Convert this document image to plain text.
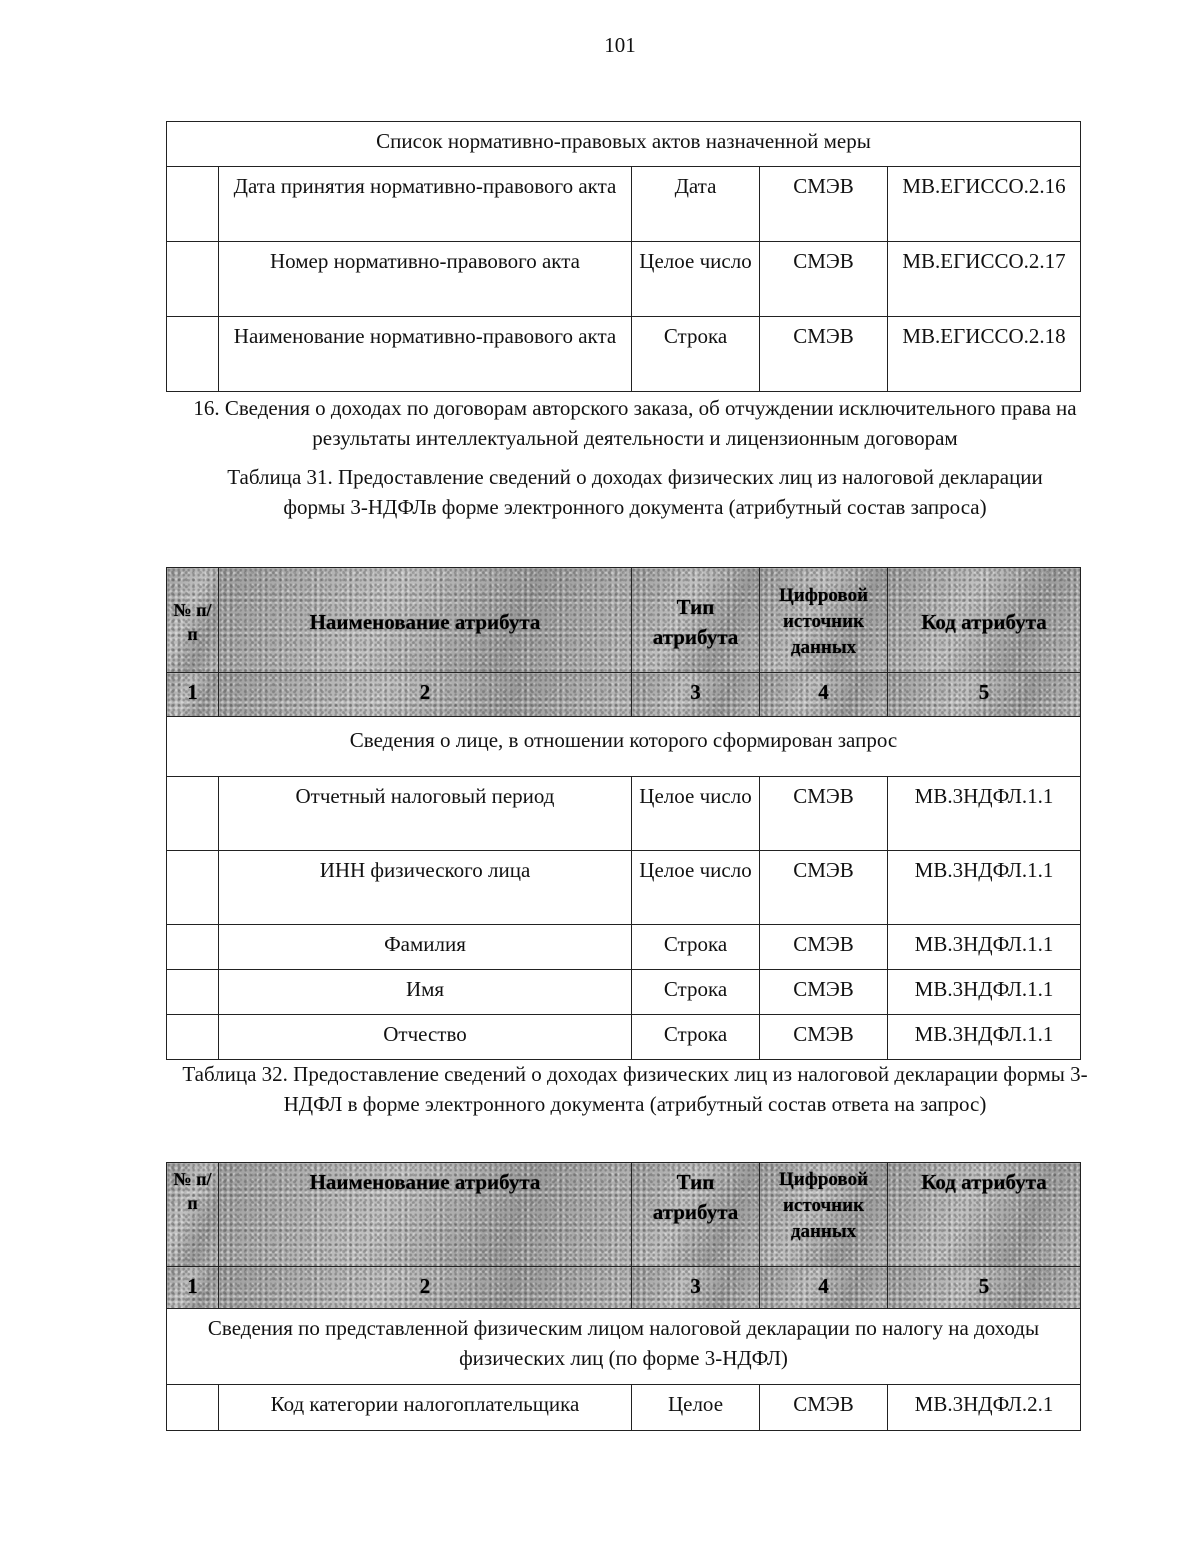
101
Список нормативно-правовых актов назначенной меры				
	Дата принятия нормативно-правового акта	Дата	СМЭВ	МВ.ЕГИССО.2.16
	Номер нормативно-правового акта	Целое число	СМЭВ	МВ.ЕГИССО.2.17
	Наименование нормативно-правового акта	Строка	СМЭВ	МВ.ЕГИССО.2.18
16. Сведения о доходах по договорам авторского заказа, об отчуждении исключительного права на результаты интеллектуальной деятельности и лицензионным договорам
Таблица 31. Предоставление сведений о доходах физических лиц из налоговой декларации формы 3-НДФЛв форме электронного документа (атрибутный состав запроса)
№ п/п	Наименование атрибута	Тип атрибута	Цифровой источник данных	Код атрибута
1	2	3	4	5
Сведения о лице, в отношении которого сформирован запрос				
	Отчетный налоговый период	Целое число	СМЭВ	МВ.3НДФЛ.1.1
	ИНН физического лица	Целое число	СМЭВ	МВ.3НДФЛ.1.1
	Фамилия	Строка	СМЭВ	МВ.3НДФЛ.1.1
	Имя	Строка	СМЭВ	МВ.3НДФЛ.1.1
	Отчество	Строка	СМЭВ	МВ.3НДФЛ.1.1
Таблица 32. Предоставление сведений о доходах физических лиц из налоговой декларации формы 3-НДФЛ в форме электронного документа (атрибутный состав ответа на запрос)
№ п/п	Наименование атрибута	Тип атрибута	Цифровой источник данных	Код атрибута
1	2	3	4	5
Сведения по представленной физическим лицом налоговой декларации по налогу на доходы физических лиц (по форме 3-НДФЛ)				
	Код категории налогоплательщика	Целое	СМЭВ	МВ.3НДФЛ.2.1
